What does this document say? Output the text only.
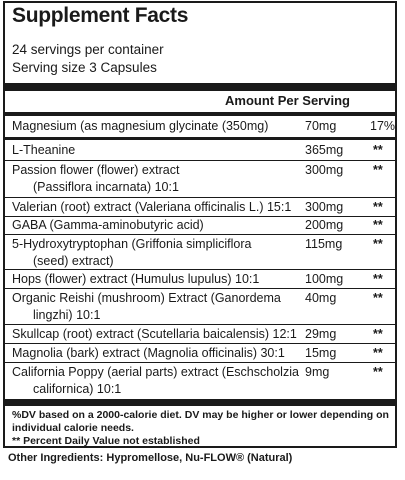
Supplement Facts
24 servings per container
Serving size 3 Capsules
Amount Per Serving
Magnesium (as magnesium glycinate (350mg)	70mg	17%
L-Theanine	365mg **
Passion flower (flower) extract
(Passiflora incarnata) 10:1
300mg **
Valerian (root) extract (Valeriana officinalis L.) 15:1 300mg **
GABA (Gamma-aminobutyric acid)	200mg **
5-Hydroxytryptophan (Griffonia simpliciflora
(seed) extract)
115mg **
Hops (flower) extract (Humulus lupulus) 10:1	100mg **
Organic Reishi (mushroom) Extract (Ganordema
lingzhi) 10:1
40mg	**
Skullcap (root) extract (Scutellaria baicalensis) 12:1 29mg	**
Magnolia (bark) extract (Magnolia officinalis) 30:1 15mg	**
California Poppy (aerial parts) extract (Eschscholzia
californica) 10:1
9mg	**
%DV based on a 2000-calorie diet. DV may be higher or lower depending on
individual calorie needs.
** Percent Daily Value not established
Other Ingredients: Hypromellose, Nu-FLOW® (Natural)
